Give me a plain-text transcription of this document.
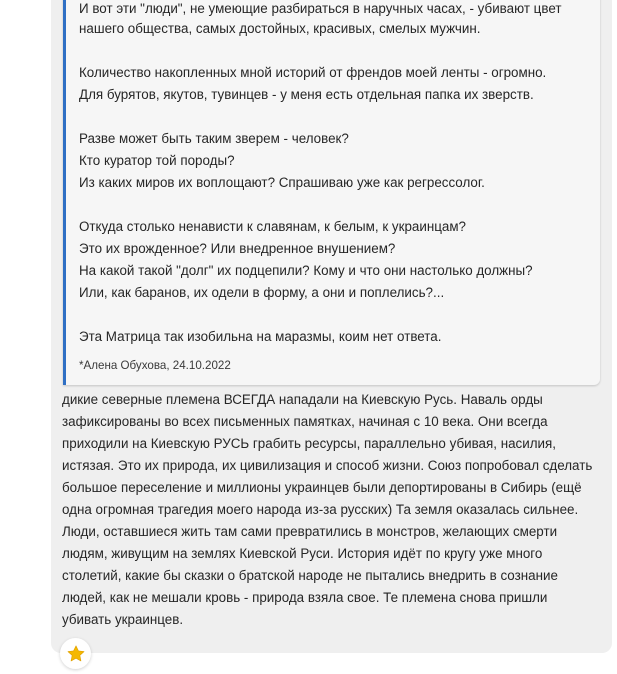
И вот эти "люди", не умеющие разбираться в наручных часах, - убивают цвет
нашего общества, самых достойных, красивых, смелых мужчин.
Количество накопленных мной историй от френдов моей ленты - огромно.
Для бурятов, якутов, тувинцев - у меня есть отдельная папка их зверств.
Разве может быть таким зверем - человек?
Кто куратор той породы?
Из каких миров их воплощают? Спрашиваю уже как регрессолог.
Откуда столько ненависти к славянам, к белым, к украинцам?
Это их врожденное? Или внедренное внушением?
На какой такой "долг" их подцепили? Кому и что они настолько должны?
Или, как баранов, их одели в форму, а они и поплелись?...
Эта Матрица так изобильна на маразмы, коим нет ответа.
*Алена Обухова, 24.10.2022
дикие северные племена ВСЕГДА нападали на Киевскую Русь. Наваль орды
зафиксированы во всех письменных памятках, начиная с 10 века. Они всегда
приходили на Киевскую РУСЬ грабить ресурсы, параллельно убивая, насилия,
истязая. Это их природа, их цивилизация и способ жизни. Союз попробовал сделать
большое переселение и миллионы украинцев были депортированы в Сибирь (ещё
одна огромная трагедия моего народа из-за русских) Та земля оказалась сильнее.
Люди, оставшиеся жить там сами превратились в монстров, желающих смерти
людям, живущим на землях Киевской Руси. История идёт по кругу уже много
столетий, какие бы сказки о братской народе не пытались внедрить в сознание
людей, как не мешали кровь - природа взяла свое. Те племена снова пришли
убивать украинцев.
